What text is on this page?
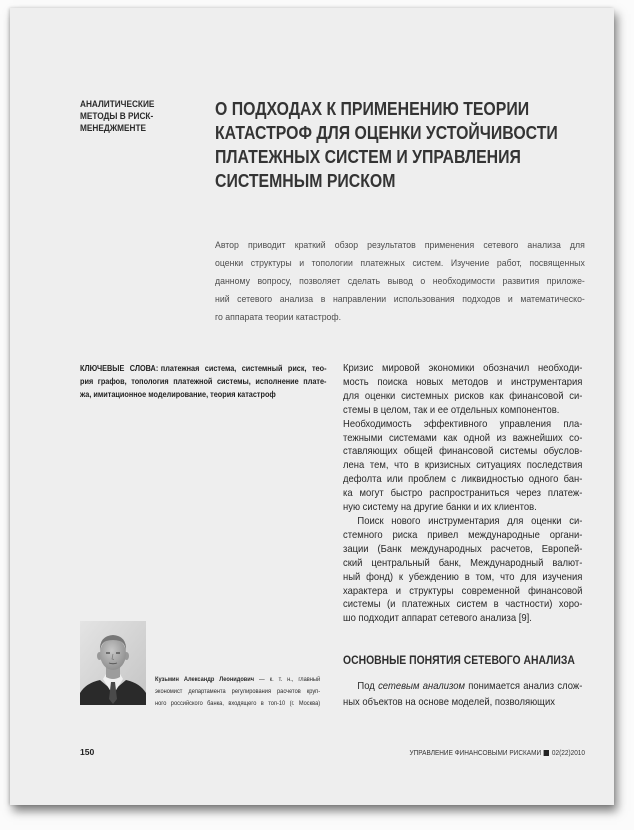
АНАЛИТИЧЕСКИЕ
МЕТОДЫ В РИСК-
МЕНЕДЖМЕНТЕ
О ПОДХОДАХ К ПРИМЕНЕНИЮ ТЕОРИИ
КАТАСТРОФ ДЛЯ ОЦЕНКИ УСТОЙЧИВОСТИ
ПЛАТЕЖНЫХ СИСТЕМ И УПРАВЛЕНИЯ
СИСТЕМНЫМ РИСКОМ
Автор приводит краткий обзор результатов применения сетевого анализа для
оценки структуры и топологии платежных систем. Изучение работ, посвященных
данному вопросу, позволяет сделать вывод о необходимости развития приложе-
ний сетевого анализа в направлении использования подходов и математическо-
го аппарата теории катастроф.
КЛЮЧЕВЫЕ СЛОВА: платежная система, системный риск, тео-
рия графов, топология платежной системы, исполнение плате-
жа, имитационное моделирование, теория катастроф
Кризис мировой экономики обозначил необходи-
мость поиска новых методов и инструментария
для оценки системных рисков как финансовой си-
стемы в целом, так и ее отдельных компонентов.
Необходимость эффективного управления пла-
тежными системами как одной из важнейших со-
ставляющих общей финансовой системы обуслов-
лена тем, что в кризисных ситуациях последствия
дефолта или проблем с ликвидностью одного бан-
ка могут быстро распространиться через платеж-
ную систему на другие банки и их клиентов.
Поиск нового инструментария для оценки си-
стемного риска привел международные органи-
зации (Банк международных расчетов, Европей-
ский центральный банк, Международный валют-
ный фонд) к убеждению в том, что для изучения
характера и структуры современной финансовой
системы (и платежных систем в частности) хоро-
шо подходит аппарат сетевого анализа [9].
ОСНОВНЫЕ ПОНЯТИЯ СЕТЕВОГО АНАЛИЗА
Под сетевым анализом понимается анализ слож-
ных объектов на основе моделей, позволяющих
Кузьмин Александр Леонидович — к. т. н., главный
экономист департамента регулирования расчетов круп-
ного российского банка, входящего в топ-10 (г. Москва)
150	УПРАВЛЕНИЕ ФИНАНСОВЫМИ РИСКАМИ 02(22)2010
